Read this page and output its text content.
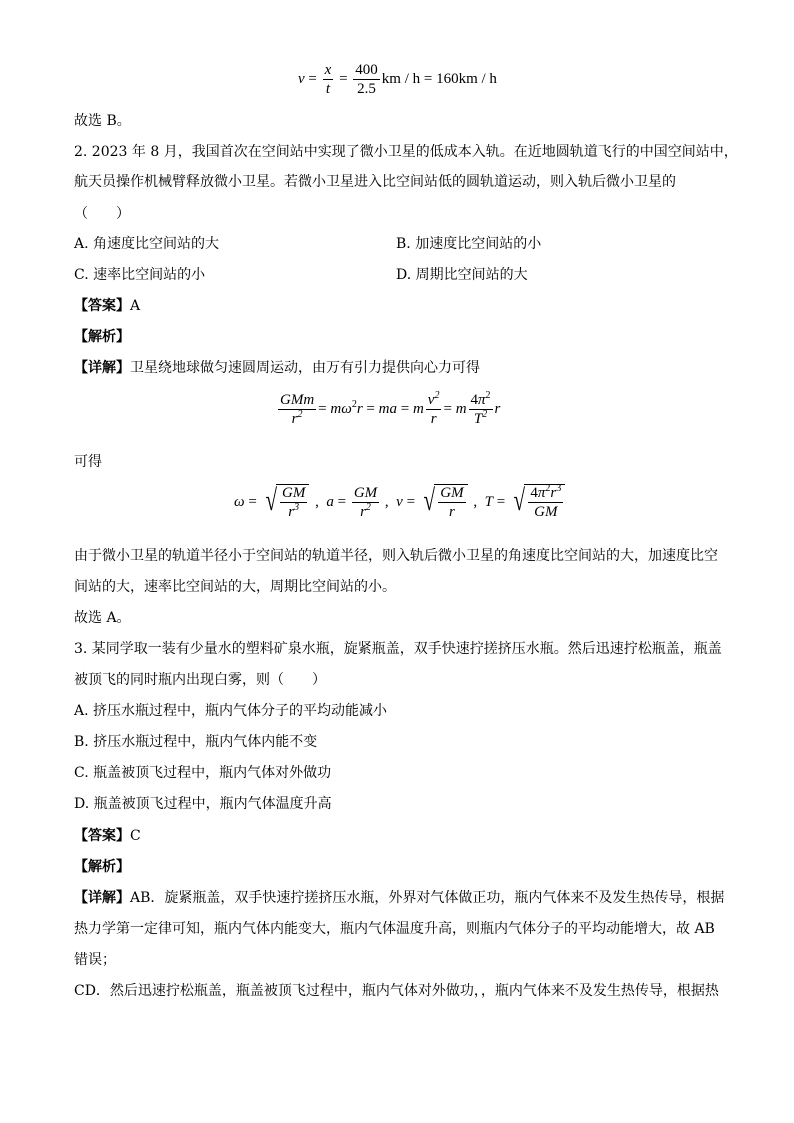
$v = \frac{x}{t} = \frac{400}{2.5}$ km / h = 160km / h
故选 B。
2. 2023 年 8 月，我国首次在空间站中实现了微小卫星的低成本入轨。在近地圆轨道飞行的中国空间站中，
航天员操作机械臂释放微小卫星。若微小卫星进入比空间站低的圆轨道运动，则入轨后微小卫星的
（　　）
A. 角速度比空间站的大	B. 加速度比空间站的小
C. 速率比空间站的小	D. 周期比空间站的大
【答案】A
【解析】
【详解】卫星绕地球做匀速圆周运动，由万有引力提供向心力可得
$\frac{\text{GMm}}{r^2} = m\omega^2r$ = ma = m $\frac{v^2}{r} = m \frac{4\pi^2}{T^2}$ r
可得
ω = √ $\frac{GM}{r^3}$ , $a = \frac{GM}{r^2}$ , v = √ $\frac{GM}{r}$ , T = √ $\frac{4\pi^2r^3}{GM}$
由于微小卫星的轨道半径小于空间站的轨道半径，则入轨后微小卫星的角速度比空间站的大，加速度比空
间站的大，速率比空间站的大，周期比空间站的小。
故选 A。
3. 某同学取一装有少量水的塑料矿泉水瓶，旋紧瓶盖，双手快速拧搓挤压水瓶。然后迅速拧松瓶盖，瓶盖
被顶飞的同时瓶内出现白雾，则（　　）
A. 挤压水瓶过程中，瓶内气体分子的平均动能减小
B. 挤压水瓶过程中，瓶内气体内能不变
C. 瓶盖被顶飞过程中，瓶内气体对外做功
D. 瓶盖被顶飞过程中，瓶内气体温度升高
【答案】C
【解析】
【详解】AB．旋紧瓶盖，双手快速拧搓挤压水瓶，外界对气体做正功，瓶内气体来不及发生热传导，根据
热力学第一定律可知，瓶内气体内能变大，瓶内气体温度升高，则瓶内气体分子的平均动能增大，故 AB
错误；
CD．然后迅速拧松瓶盖，瓶盖被顶飞过程中，瓶内气体对外做功，，瓶内气体来不及发生热传导，根据热
